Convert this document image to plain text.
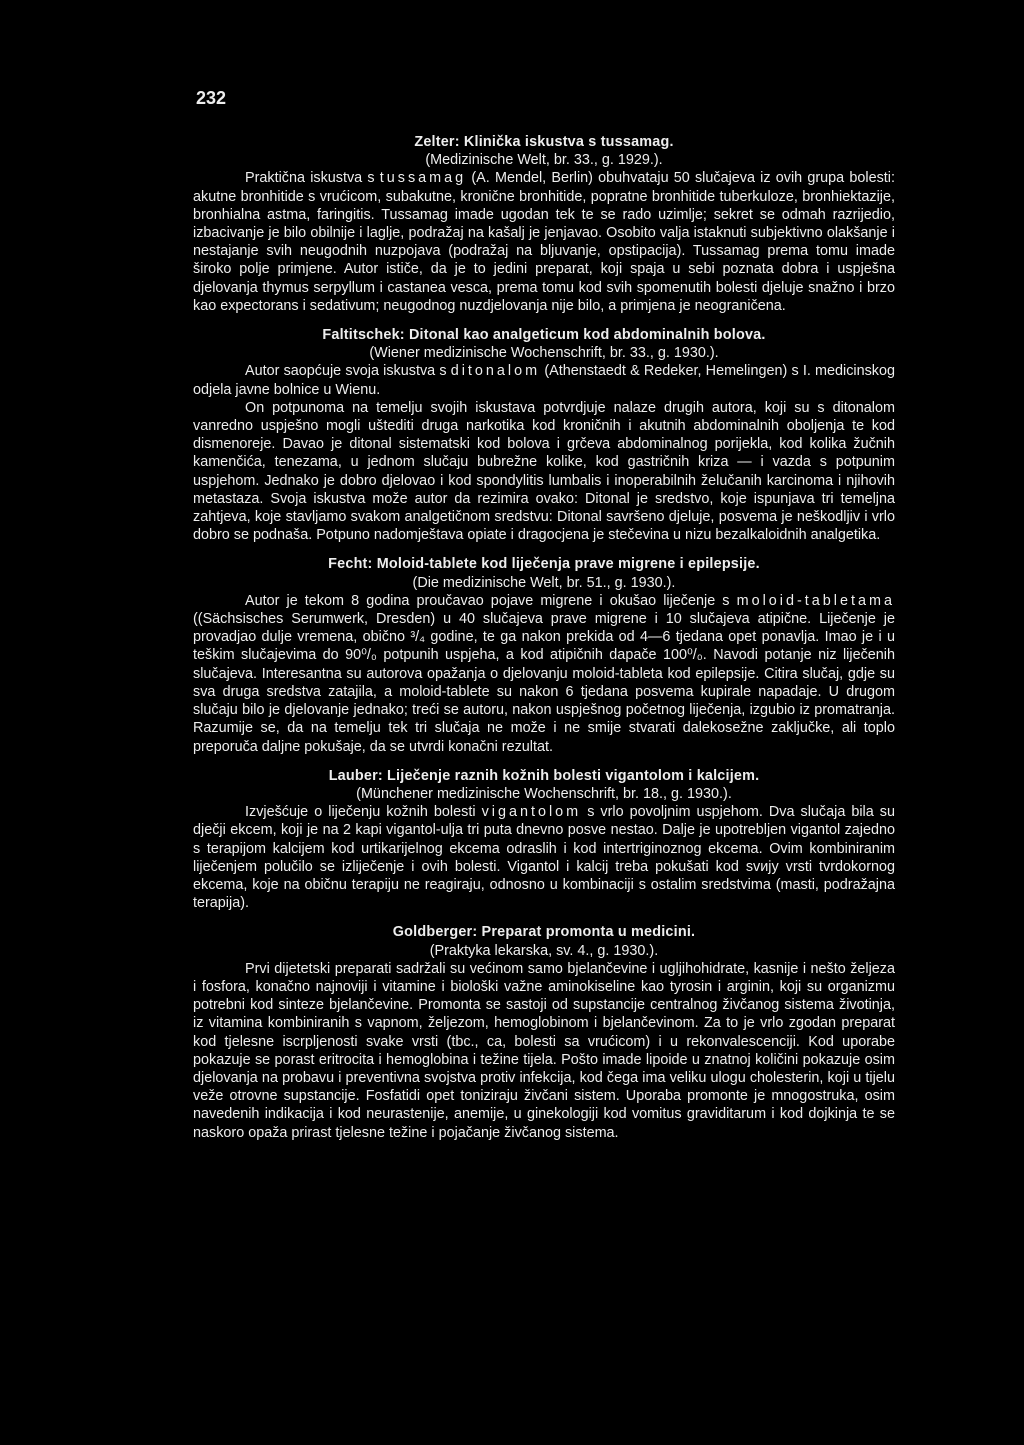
232
Zelter: Klinička iskustva s tussamag.
(Medizinische Welt, br. 33., g. 1929.).

Praktična iskustva s tussamag (A. Mendel, Berlin) obuhvataju 50 slučajeva iz ovih grupa bolesti: akutne bronhitide s vrućicom, subakutne, kronične bronhitide, popratne bronhitide tuberkuloze, bronhiektazije, bronhialna astma, faringitis. Tussamag imade ugodan tek te se rado uzimlje; sekret se odmah razrijedio, izbacivanje je bilo obilnije i laglje, podražaj na kašalj je jenjavao. Osobito valja istaknuti subjektivno olakšanje i nestajanje svih neugodnih nuzpojava (podražaj na bljuvanje, opstipacija). Tussamag prema tomu imade široko polje primjene. Autor ističe, da je to jedini preparat, koji spaja u sebi poznata dobra i uspješna djelovanja thymus serpyllum i castanea vesca, prema tomu kod svih spomenutih bolesti djeluje snažno i brzo kao expectorans i sedativum; neugodnog nuzdjelovanja nije bilo, a primjena je neograničena.

Faltitschek: Ditonal kao analgeticum kod abdominalnih bolova.
(Wiener medizinische Wochenschrift, br. 33., g. 1930.).

Autor saopćuje svoja iskustva s ditonalom (Athenstaedt & Redeker, Hemelingen) s I. medicinskog odjela javne bolnice u Wienu.

On potpunoma na temelju svojih iskustava potvrdjuje nalaze drugih autora, koji su s ditonalom vanredno uspješno mogli uštediti druga narkotika kod kroničnih i akutnih abdominalnih oboljenja te kod dismenoreje. Davao je ditonal sistematski kod bolova i grčeva abdominalnog porijekla, kod kolika žučnih kamenčića, tenezama, u jednom slučaju bubrežne kolike, kod gastričnih kriza — i vazda s potpunim uspjehom. Jednako je dobro djelovao i kod spondylitis lumbalis i inoperabilnih želučanih karcinoma i njihovih metastaza. Svoja iskustva može autor da rezimira ovako: Ditonal je sredstvo, koje ispunjava tri temeljna zahtjeva, koje stavljamo svakom analgetičnom sredstvu: Ditonal savršeno djeluje, posvema je neškodljiv i vrlo dobro se podnaša. Potpuno nadomještava opiate i dragocjena je stečevina u nizu bezalkaloidnih analgetika.

Fecht: Moloid-tablete kod liječenja prave migrene i epilepsije.
(Die medizinische Welt, br. 51., g. 1930.).

Autor je tekom 8 godina proučavao pojave migrene i okušao liječenje s moloid-tabletama ((Sächsisches Serumwerk, Dresden) u 40 slučajeva prave migrene i 10 slučajeva atipične. Liječenje je provadjao dulje vremena, obično ³/₄ godine, te ga nakon prekida od 4—6 tjedana opet ponavlja. Imao je i u teškim slučajevima do 90⁰/₀ potpunih uspjeha, a kod atipičnih dapače 100⁰/₀. Navodi potanje niz liječenih slučajeva. Interesantna su autorova opažanja o djelovanju moloid-tableta kod epilepsije. Citira slučaj, gdje su sva druga sredstva zatajila, a moloid-tablete su nakon 6 tjedana posvema kupirale napadaje. U drugom slučaju bilo je djelovanje jednako; treći se autoru, nakon uspješnog početnog liječenja, izgubio iz promatranja. Razumije se, da na temelju tek tri slučaja ne može i ne smije stvarati dalekosežne zaključke, ali toplo preporuča daljne pokušaje, da se utvrdi konačni rezultat.

Lauber: Liječenje raznih kožnih bolesti vigantolom i kalcijem.
(Münchener medizinische Wochenschrift, br. 18., g. 1930.).

Izvješćuje o liječenju kožnih bolesti vigantolom s vrlo povoljnim uspjehom. Dva slučaja bila su dječji ekcem, koji je na 2 kapi vigantol-ulja tri puta dnevno posve nestao. Dalje je upotrebljen vigantol zajedno s terapijom kalcijem kod urtikarijelnog ekcema odraslih i kod intertriginoznog ekcema. Ovim kombiniranim liječenjem polučilo se izliječenje i ovih bolesti. Vigantol i kalcij treba pokušati kod svију vrsti tvrdokornog ekcema, koje na običnu terapiju ne reagiraju, odnosno u kombinaciji s ostalim sredstvima (masti, podražajna terapija).

Goldberger: Preparat promonta u medicini.
(Praktyka lekarska, sv. 4., g. 1930.).

Prvi dijetetski preparati sadržali su većinom samo bjelančevine i ugljihohidrate, kasnije i nešto željeza i fosfora, konačno najnoviji i vitamine i biološki važne aminokiseline kao tyrosin i arginin, koji su organizmu potrebni kod sinteze bjelančevine. Promonta se sastoji od supstancije centralnog živčanog sistema životinja, iz vitamina kombiniranih s vapnom, željezom, hemoglobinom i bjelančevinom. Za to je vrlo zgodan preparat kod tjelesne iscrpljenosti svake vrsti (tbc., ca, bolesti sa vrućicom) i u rekonvalescenciji. Kod uporabe pokazuje se porast eritrocita i hemoglobina i težine tijela. Pošto imade lipoide u znatnoj količini pokazuje osim djelovanja na probavu i preventivna svojstva protiv infekcija, kod čega ima veliku ulogu cholesterin, koji u tijelu veže otrovne supstancije. Fosfatidi opet toniziraju živčani sistem. Uporaba promonte je mnogostruka, osim navedenih indikacija i kod neurastenije, anemije, u ginekologiji kod vomitus graviditarum i kod dojkinja te se naskoro opaža prirast tjelesne težine i pojačanje živčanog sistema.
